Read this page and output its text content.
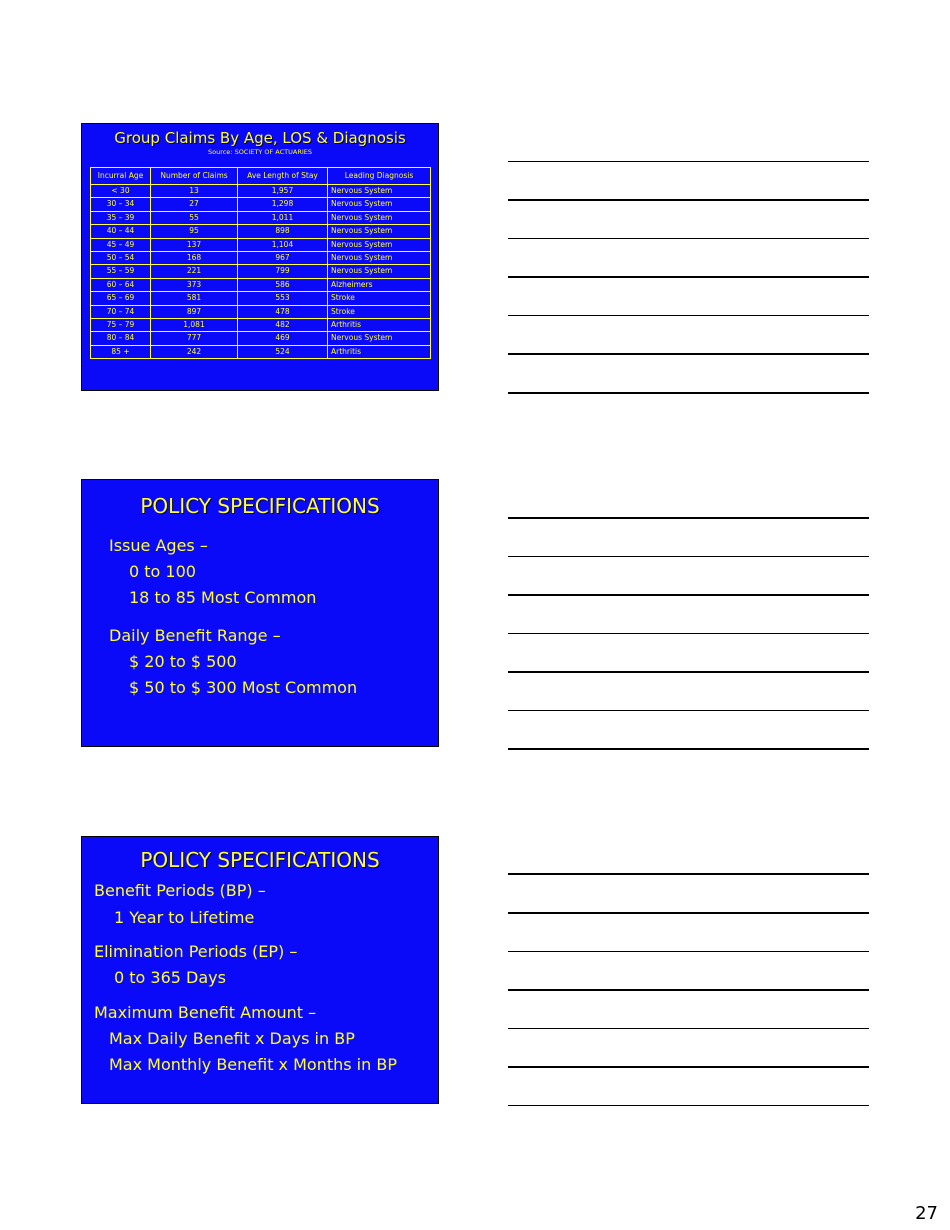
Group Claims By Age, LOS & Diagnosis
Source: SOCIETY OF ACTUARIES
Incurral Age	Number of Claims	Ave Length of Stay	Leading Diagnosis
< 30	13	1,957	Nervous System
30 – 34	27	1,298	Nervous System
35 – 39	55	1,011	Nervous System
40 – 44	95	898	Nervous System
45 – 49	137	1,104	Nervous System
50 – 54	168	967	Nervous System
55 – 59	221	799	Nervous System
60 – 64	373	586	Alzheimers
65 – 69	581	553	Stroke
70 – 74	897	478	Stroke
75 – 79	1,081	482	Arthritis
80 – 84	777	469	Nervous System
85 +	242	524	Arthritis
POLICY SPECIFICATIONS
Issue Ages –
0 to 100
18 to 85 Most Common
Daily Benefit Range –
$ 20 to $ 500
$ 50 to $ 300 Most Common
POLICY SPECIFICATIONS
Benefit Periods (BP) –
1 Year to Lifetime
Elimination Periods (EP) –
0 to 365 Days
Maximum Benefit Amount –
Max Daily Benefit x Days in BP
Max Monthly Benefit x Months in BP
27
